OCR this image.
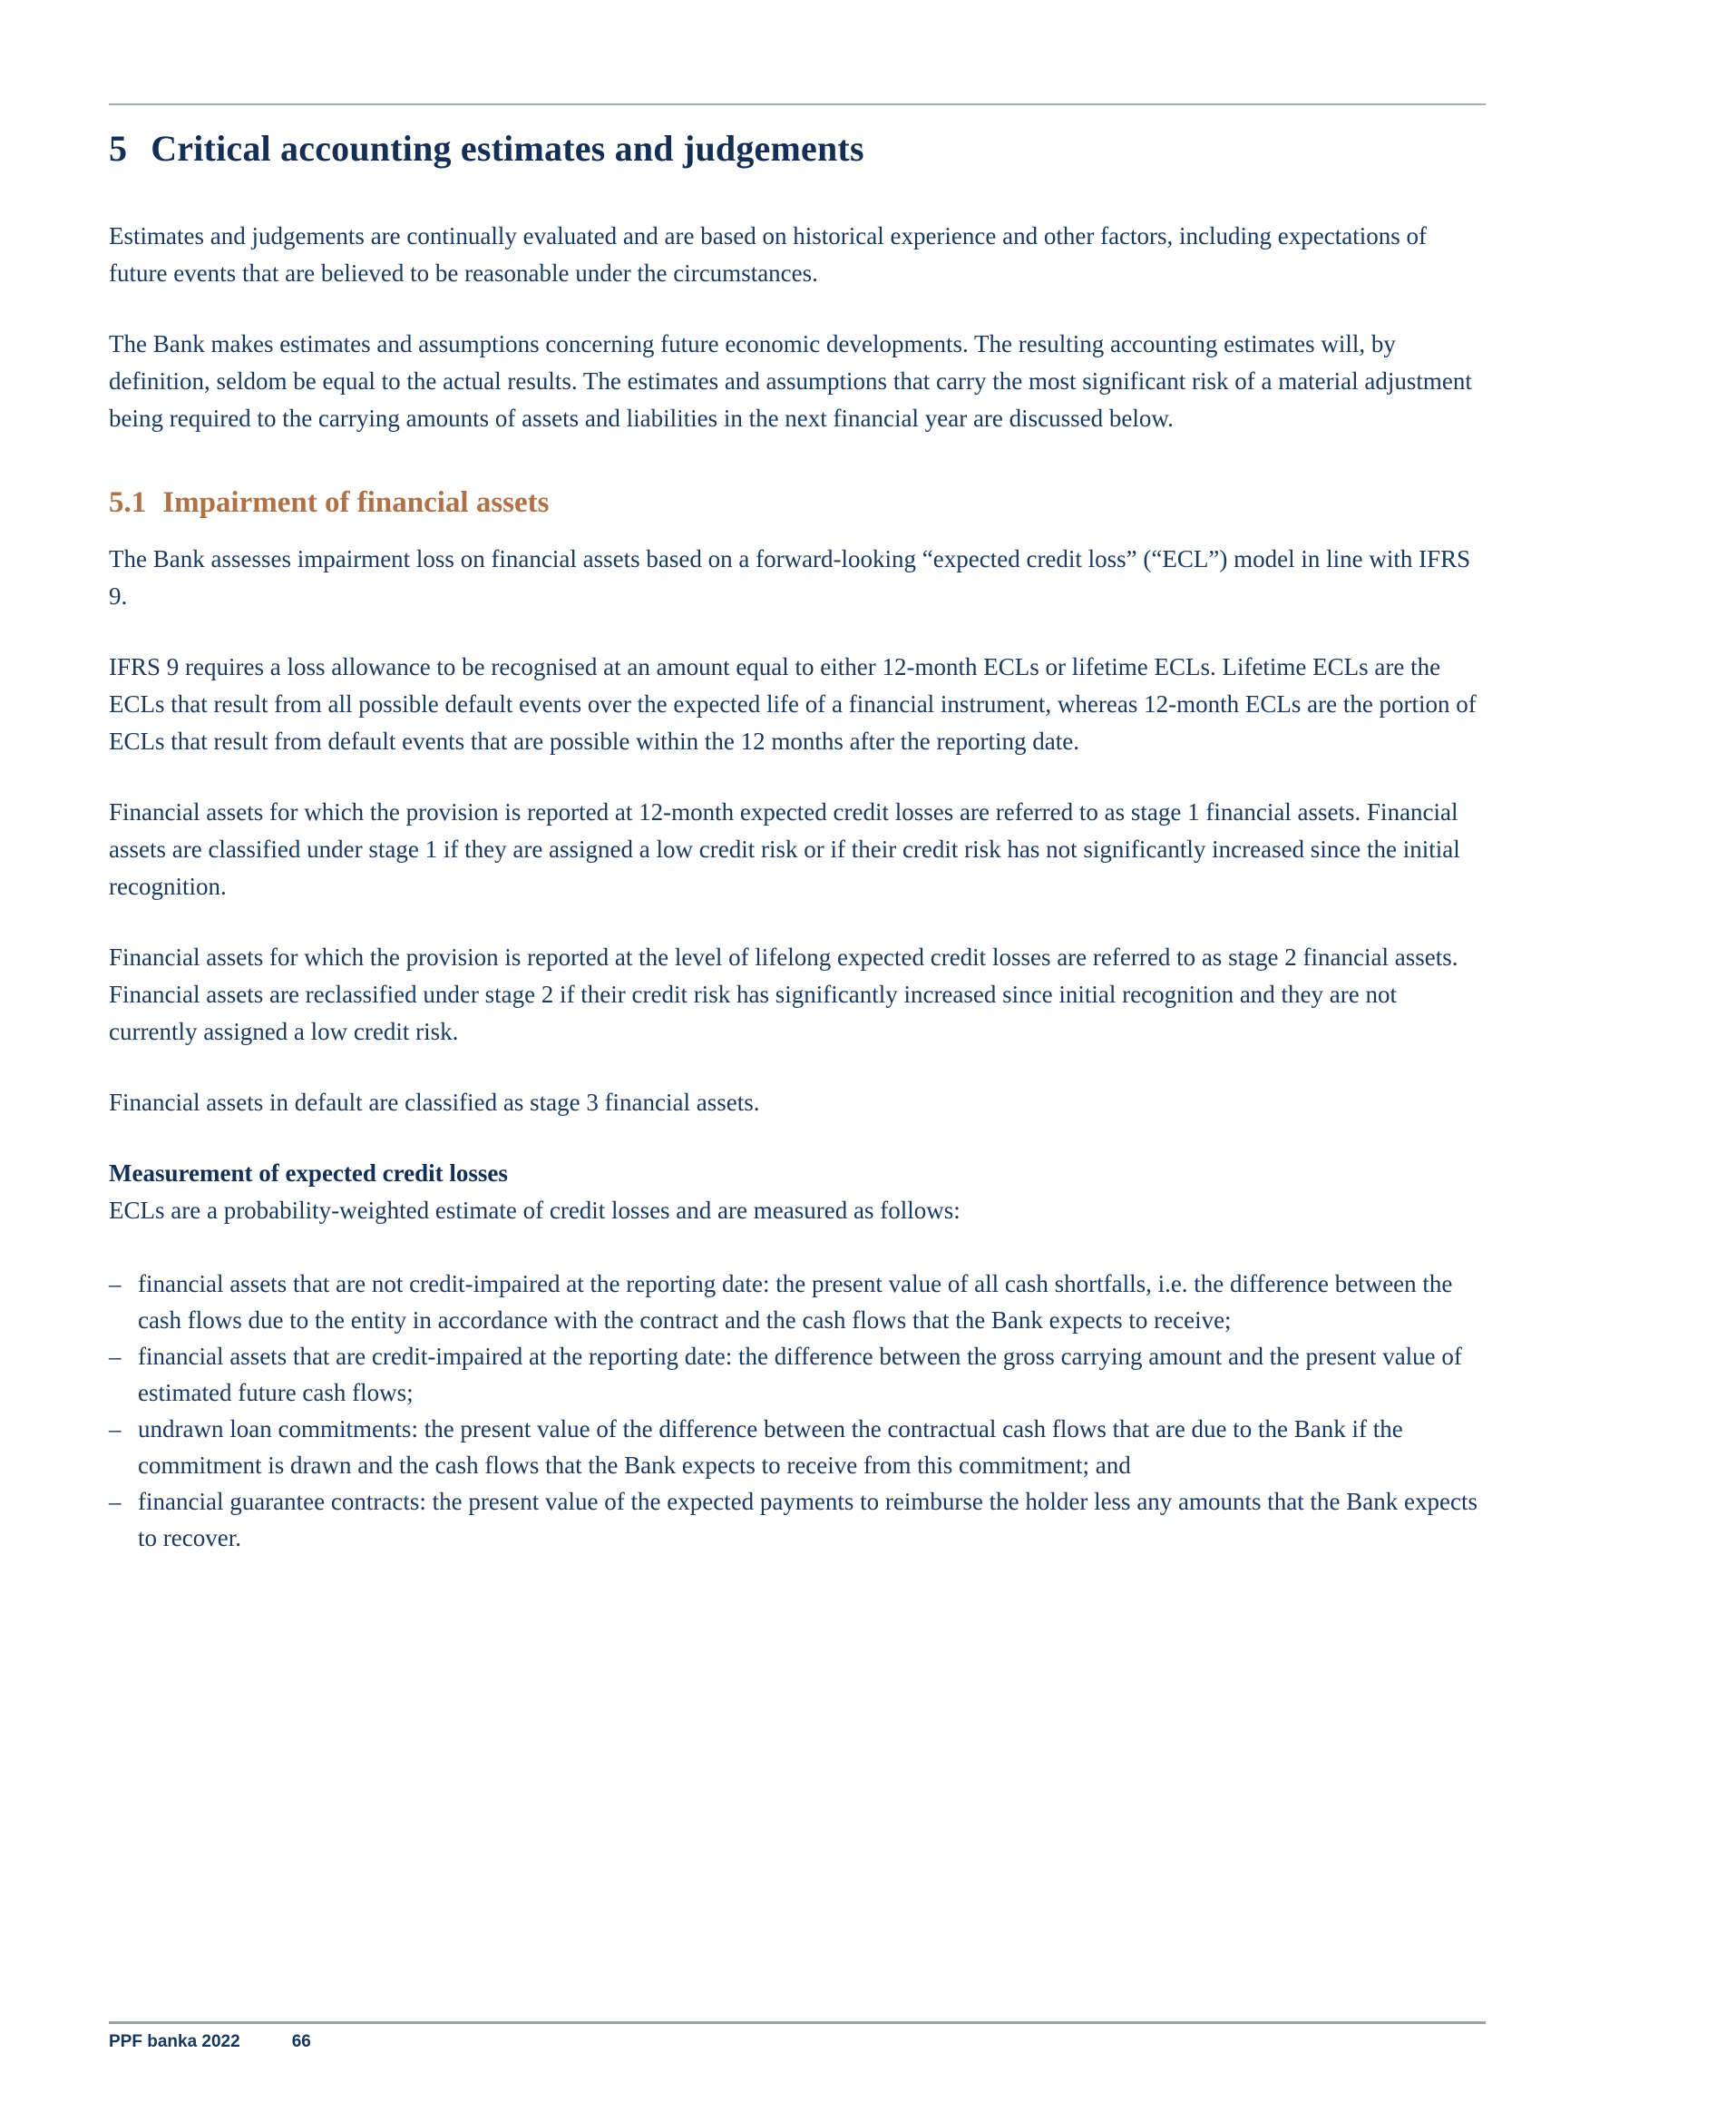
5 Critical accounting estimates and judgements

Estimates and judgements are continually evaluated and are based on historical experience and other factors, including expectations of future events that are believed to be reasonable under the circumstances.

The Bank makes estimates and assumptions concerning future economic developments. The resulting accounting estimates will, by definition, seldom be equal to the actual results. The estimates and assumptions that carry the most significant risk of a material adjustment being required to the carrying amounts of assets and liabilities in the next financial year are discussed below.

5.1 Impairment of financial assets

The Bank assesses impairment loss on financial assets based on a forward-looking “expected credit loss” (“ECL”) model in line with IFRS 9.

IFRS 9 requires a loss allowance to be recognised at an amount equal to either 12-month ECLs or lifetime ECLs. Lifetime ECLs are the ECLs that result from all possible default events over the expected life of a financial instrument, whereas 12-month ECLs are the portion of ECLs that result from default events that are possible within the 12 months after the reporting date.

Financial assets for which the provision is reported at 12-month expected credit losses are referred to as stage 1 financial assets. Financial assets are classified under stage 1 if they are assigned a low credit risk or if their credit risk has not significantly increased since the initial recognition.

Financial assets for which the provision is reported at the level of lifelong expected credit losses are referred to as stage 2 financial assets. Financial assets are reclassified under stage 2 if their credit risk has significantly increased since initial recognition and they are not currently assigned a low credit risk.

Financial assets in default are classified as stage 3 financial assets.

Measurement of expected credit losses

ECLs are a probability-weighted estimate of credit losses and are measured as follows:

– financial assets that are not credit-impaired at the reporting date: the present value of all cash shortfalls, i.e. the difference between the cash flows due to the entity in accordance with the contract and the cash flows that the Bank expects to receive;
– financial assets that are credit-impaired at the reporting date: the difference between the gross carrying amount and the present value of estimated future cash flows;
– undrawn loan commitments: the present value of the difference between the contractual cash flows that are due to the Bank if the commitment is drawn and the cash flows that the Bank expects to receive from this commitment; and
– financial guarantee contracts: the present value of the expected payments to reimburse the holder less any amounts that the Bank expects to recover.
PPF banka 2022	66
